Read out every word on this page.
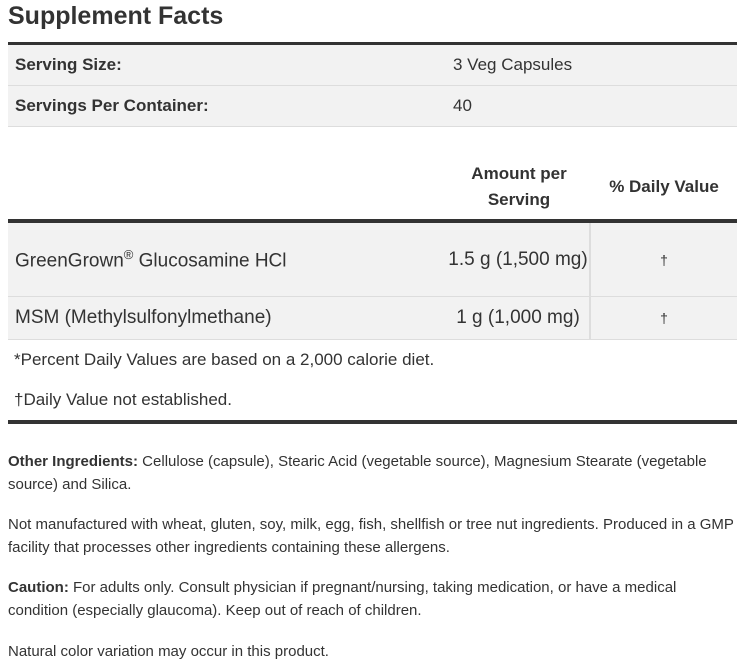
Supplement Facts
Serving Size:	3 Veg Capsules
Servings Per Container:	40
Amount per Serving
% Daily Value
GreenGrown® Glucosamine HCl	1.5 g (1,500 mg)	†
MSM (Methylsulfonylmethane)	1 g (1,000 mg)	†
*Percent Daily Values are based on a 2,000 calorie diet.
†Daily Value not established.

Other Ingredients: Cellulose (capsule), Stearic Acid (vegetable source), Magnesium Stearate (vegetable source) and Silica.

Not manufactured with wheat, gluten, soy, milk, egg, fish, shellfish or tree nut ingredients. Produced in a GMP facility that processes other ingredients containing these allergens.

Caution: For adults only. Consult physician if pregnant/nursing, taking medication, or have a medical condition (especially glaucoma). Keep out of reach of children.

Natural color variation may occur in this product.
